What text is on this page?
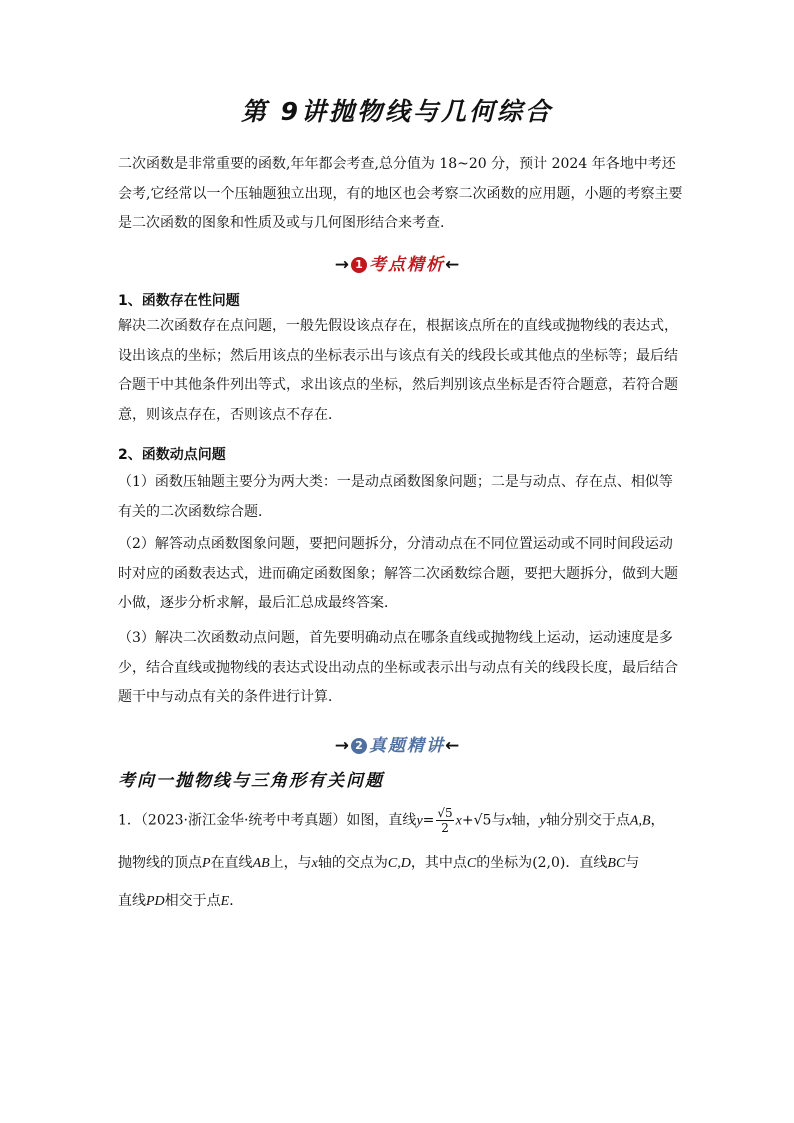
第 9讲抛物线与几何综合
二次函数是非常重要的函数,年年都会考查,总分值为 18~20 分，预计 2024 年各地中考还会考,它经常以一个压轴题独立出现，有的地区也会考察二次函数的应用题，小题的考察主要是二次函数的图象和性质及或与几何图形结合来考查.
→ 1 考点精析←
1、函数存在性问题
解决二次函数存在点问题，一般先假设该点存在，根据该点所在的直线或抛物线的表达式，设出该点的坐标；然后用该点的坐标表示出与该点有关的线段长或其他点的坐标等；最后结合题干中其他条件列出等式，求出该点的坐标，然后判别该点坐标是否符合题意，若符合题意，则该点存在，否则该点不存在．
2、函数动点问题
（1）函数压轴题主要分为两大类：一是动点函数图象问题；二是与动点、存在点、相似等有关的二次函数综合题．
（2）解答动点函数图象问题，要把问题拆分，分清动点在不同位置运动或不同时间段运动时对应的函数表达式，进而确定函数图象；解答二次函数综合题，要把大题拆分，做到大题小做，逐步分析求解，最后汇总成最终答案．
（3）解决二次函数动点问题，首先要明确动点在哪条直线或抛物线上运动，运动速度是多少，结合直线或抛物线的表达式设出动点的坐标或表示出与动点有关的线段长度，最后结合题干中与动点有关的条件进行计算．
→ 2 真题精讲←
考向一抛物线与三角形有关问题
1．（2023·浙江金华·统考中考真题）如图，直线$y= \frac{√5}{2} x+√5$与x轴，y轴分别交于点A,B，
抛物线的顶点P在直线AB上，与x轴的交点为C,D，其中点C的坐标为(2,0)．直线BC与
直线PD相交于点E．
